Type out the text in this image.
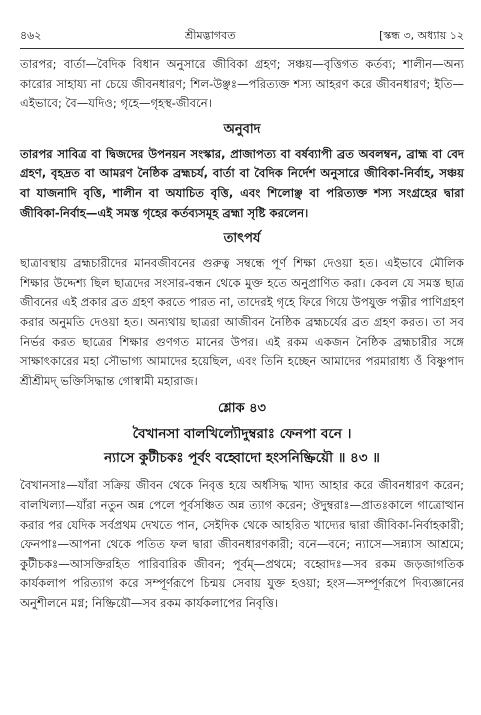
৪৬২	শ্রীমদ্ভাগবত	[স্কন্ধ ৩, অধ্যায় ১২

তারপর; বার্তা—বৈদিক বিধান অনুসারে জীবিকা গ্রহণ; সঞ্চয়—বৃত্তিগত কর্তব্য; শালীন—অন্য কারোর সাহায্য না চেয়ে জীবনধারণ; শিল-উঞ্ছঃ—পরিত্যক্ত শস্য আহরণ করে জীবনধারণ; ইতি—এইভাবে; বৈ—যদিও; গৃহে—গৃহস্থ-জীবনে।

অনুবাদ

তারপর সাবিত্র বা দ্বিজদের উপনয়ন সংস্কার, প্রাজাপত্য বা বর্ষব্যাপী ব্রত অবলম্বন, ব্রাহ্ম বা বেদ গ্রহণ, বৃহদ্রত বা আমরণ নৈষ্ঠিক ব্রহ্মচর্য, বার্তা বা বৈদিক নির্দেশ অনুসারে জীবিকা-নির্বাহ, সঞ্চয় বা যাজনাদি বৃত্তি, শালীন বা অযাচিত বৃত্তি, এবং শিলোঞ্ছ বা পরিত্যক্ত শস্য সংগ্রহের দ্বারা জীবিকা-নির্বাহ—এই সমস্ত গৃহের কর্তব্যসমূহ ব্রহ্মা সৃষ্টি করলেন।

তাৎপর্য

ছাত্রাবস্থায় ব্রহ্মচারীদের মানবজীবনের গুরুত্ব সম্বন্ধে পূর্ণ শিক্ষা দেওয়া হত। এইভাবে মৌলিক শিক্ষার উদ্দেশ্য ছিল ছাত্রদের সংসার-বন্ধন থেকে মুক্ত হতে অনুপ্রাণিত করা। কেবল যে সমস্ত ছাত্র জীবনের এই প্রকার ব্রত গ্রহণ করতে পারত না, তাদেরই গৃহে ফিরে গিয়ে উপযুক্ত পত্নীর পাণিগ্রহণ করার অনুমতি দেওয়া হত। অন্যথায় ছাত্ররা আজীবন নৈষ্ঠিক ব্রহ্মচর্যের ব্রত গ্রহণ করত। তা সব নির্ভর করত ছাত্রের শিক্ষার গুণগত মানের উপর। এই রকম একজন নৈষ্ঠিক ব্রহ্মচারীর সঙ্গে সাক্ষাৎকারের মহা সৌভাগ্য আমাদের হয়েছিল, এবং তিনি হচ্ছেন আমাদের পরমারাধ্য ওঁ বিষ্ণুপাদ শ্রীশ্রীমদ্ ভক্তিসিদ্ধান্ত গোস্বামী মহারাজ।

শ্লোক ৪৩
বৈখানসা বালখিল্যৌদুম্বরাঃ ফেনপা বনে ।
ন্যাসে কুটীচকঃ পূর্বং বহ্বোদো হংসনিষ্ক্রিয়ৌ ॥ ৪৩ ॥

বৈখানসাঃ—যাঁরা সক্রিয় জীবন থেকে নিবৃত্ত হয়ে অর্ধসিদ্ধ খাদ্য আহার করে জীবনধারণ করেন; বালখিল্যা—যাঁরা নতুন অন্ন পেলে পূর্বসঞ্চিত অন্ন ত্যাগ করেন; ঔদুম্বরাঃ—প্রাতঃকালে গাত্রোত্থান করার পর যেদিক সর্বপ্রথম দেখতে পান, সেইদিক থেকে আহরিত খাদ্যের দ্বারা জীবিকা-নির্বাহকারী; ফেনপাঃ—আপনা থেকে পতিত ফল দ্বারা জীবনধারণকারী; বনে—বনে; ন্যাসে—সন্ন্যাস আশ্রমে; কুটীচকঃ—আসক্তিরহিত পারিবারিক জীবন; পূর্বম্—প্রথমে; বহ্বোদঃ—সব রকম জড়জাগতিক কার্যকলাপ পরিত্যাগ করে সম্পূর্ণরূপে চিন্ময় সেবায় যুক্ত হওয়া; হংস—সম্পূর্ণরূপে দিব্যজ্ঞানের অনুশীলনে মগ্ন; নিষ্ক্রিয়ৌ—সব রকম কার্যকলাপের নিবৃত্তি।
